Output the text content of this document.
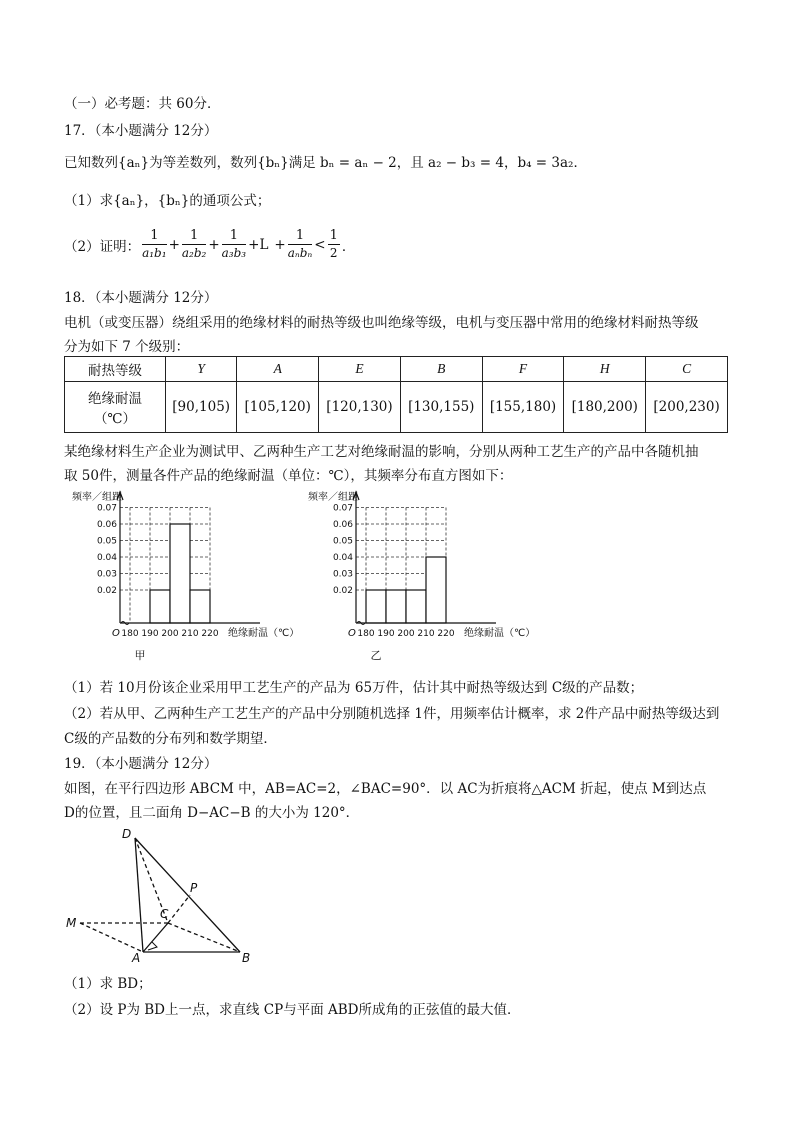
（一）必考题：共 60分．
17．（本小题满分 12分）
已知数列{aₙ}为等差数列，数列{bₙ}满足 bₙ = aₙ − 2，且 a₂ − b₃ = 4，b₄ = 3a₂．
（1）求{aₙ}，{bₙ}的通项公式；
（2）证明： $\frac{1}{\text{a₁b₁}} + \frac{1}{\text{a₂b₂}} + \frac{1}{\text{a₃b₃}} + L + \frac{1}{\text{aₙbₙ}} < \frac{1}{2}$ ．
18．（本小题满分 12分）
电机（或变压器）绕组采用的绝缘材料的耐热等级也叫绝缘等级，电机与变压器中常用的绝缘材料耐热等级
分为如下 7 个级别：
耐热等级	Y	A	E	B	F	H	C

绝缘耐温
（℃）	[90,105)	[105,120)	[120,130)	[130,155)	[155,180)	[180,200)	[200,230)
某绝缘材料生产企业为测试甲、乙两种生产工艺对绝缘耐温的影响，分别从两种工艺生产的产品中各随机抽
取 50件，测量各件产品的绝缘耐温（单位：℃），其频率分布直方图如下：
0.07
0.06
0.05
0.04
0.03
0.02
180 190 200 210 220
O
频率／组距
绝缘耐温（℃）
甲
0.07
0.06
0.05
0.04
0.03
0.02
180 190 200 210 220
O
频率／组距
绝缘耐温（℃）
乙
（1）若 10月份该企业采用甲工艺生产的产品为 65万件，估计其中耐热等级达到 C级的产品数；
（2）若从甲、乙两种生产工艺生产的产品中分别随机选择 1件，用频率估计概率，求 2件产品中耐热等级达到
C级的产品数的分布列和数学期望．
19．（本小题满分 12分）
如图，在平行四边形 ABCM 中，AB=AC=2，∠BAC=90°．以 AC为折痕将△ACM 折起，使点 M到达点
D的位置，且二面角 D−AC−B 的大小为 120°．
D
P
M
C
A	B
（1）求 BD；
（2）设 P为 BD上一点，求直线 CP与平面 ABD所成角的正弦值的最大值．
